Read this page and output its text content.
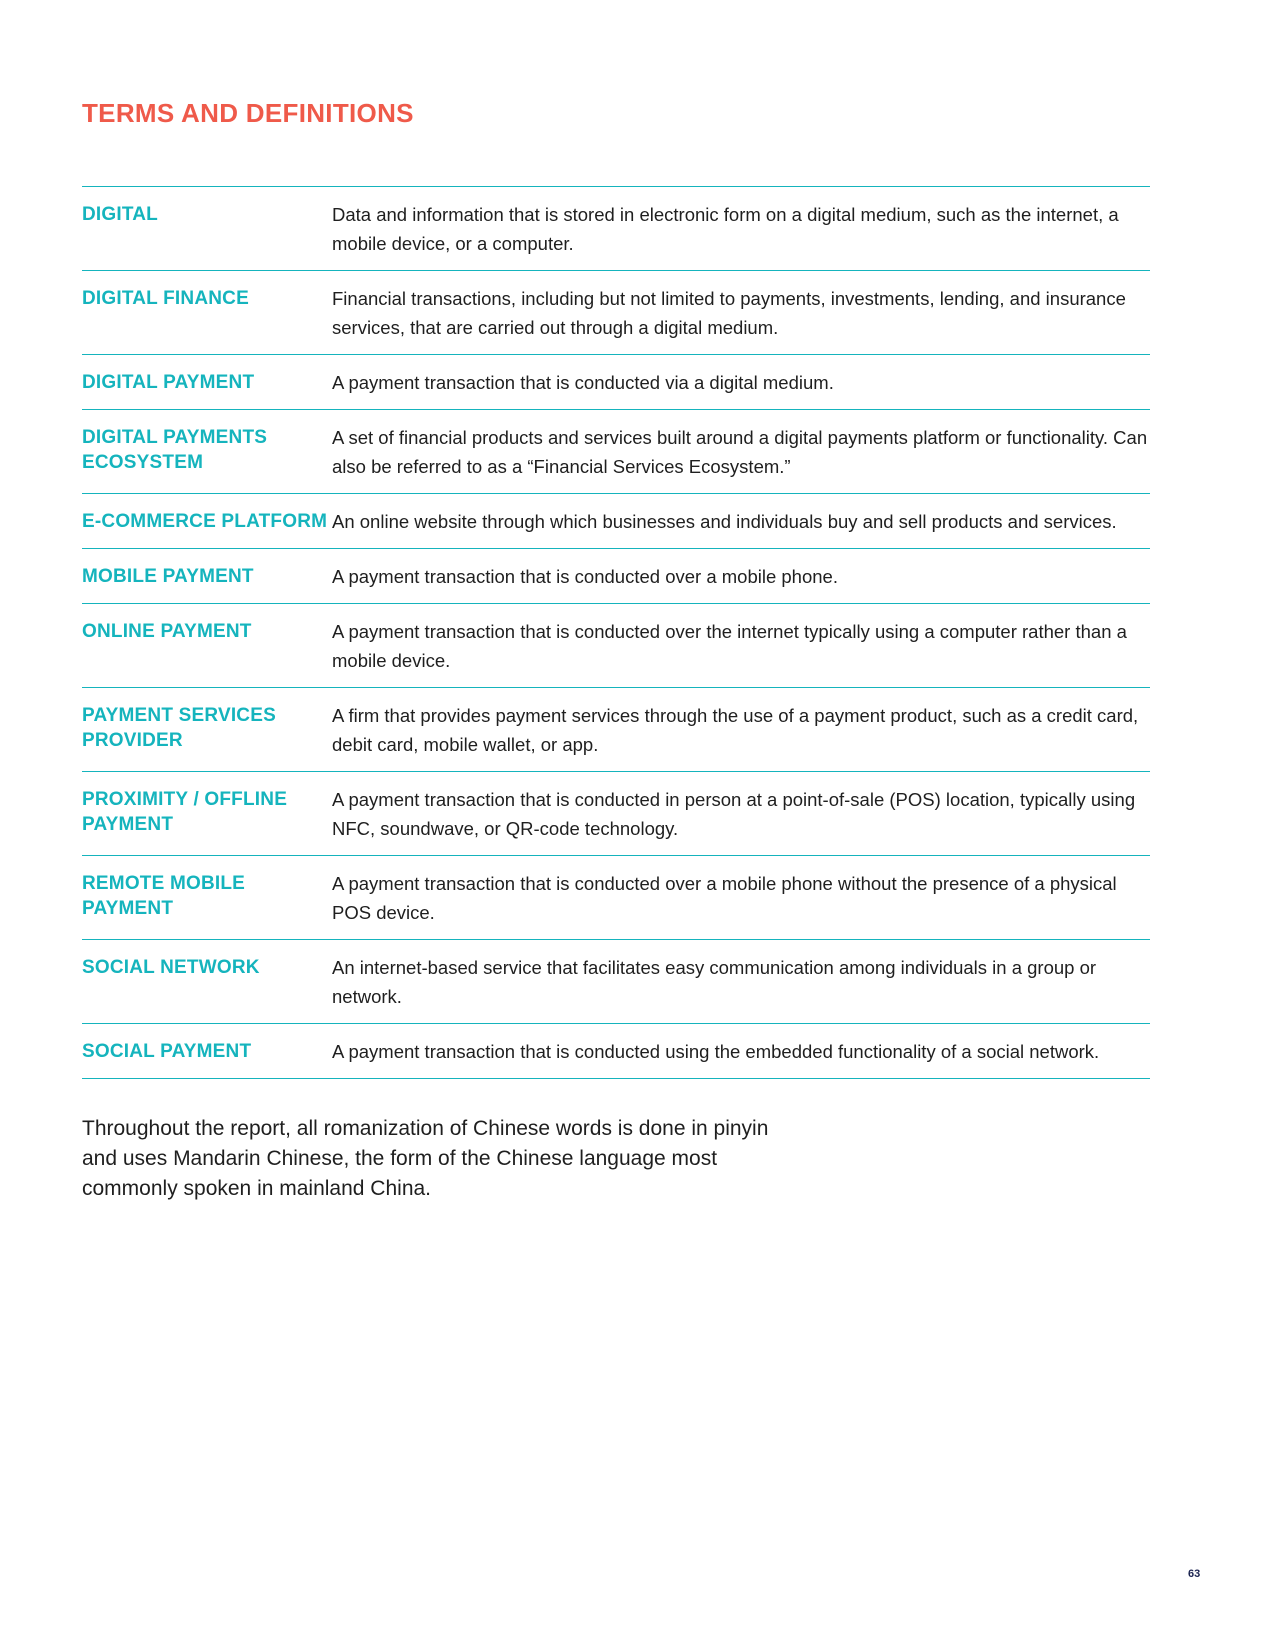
TERMS AND DEFINITIONS
DIGITAL	Data and information that is stored in electronic form on a digital medium, such as the internet, a mobile device, or a computer.
DIGITAL FINANCE	Financial transactions, including but not limited to payments, investments, lending, and insurance services, that are carried out through a digital medium.
DIGITAL PAYMENT	A payment transaction that is conducted via a digital medium.
DIGITAL PAYMENTS ECOSYSTEM	A set of financial products and services built around a digital payments platform or functionality. Can also be referred to as a “Financial Services Ecosystem.”
E-COMMERCE PLATFORM	An online website through which businesses and individuals buy and sell products and services.
MOBILE PAYMENT	A payment transaction that is conducted over a mobile phone.
ONLINE PAYMENT	A payment transaction that is conducted over the internet typically using a computer rather than a mobile device.
PAYMENT SERVICES PROVIDER	A firm that provides payment services through the use of a payment product, such as a credit card, debit card, mobile wallet, or app.
PROXIMITY / OFFLINE PAYMENT	A payment transaction that is conducted in person at a point-of-sale (POS) location, typically using NFC, soundwave, or QR-code technology.
REMOTE MOBILE PAYMENT	A payment transaction that is conducted over a mobile phone without the presence of a physical POS device.
SOCIAL NETWORK	An internet-based service that facilitates easy communication among individuals in a group or network.
SOCIAL PAYMENT	A payment transaction that is conducted using the embedded functionality of a social network.

Throughout the report, all romanization of Chinese words is done in pinyin and uses Mandarin Chinese, the form of the Chinese language most commonly spoken in mainland China.

63
